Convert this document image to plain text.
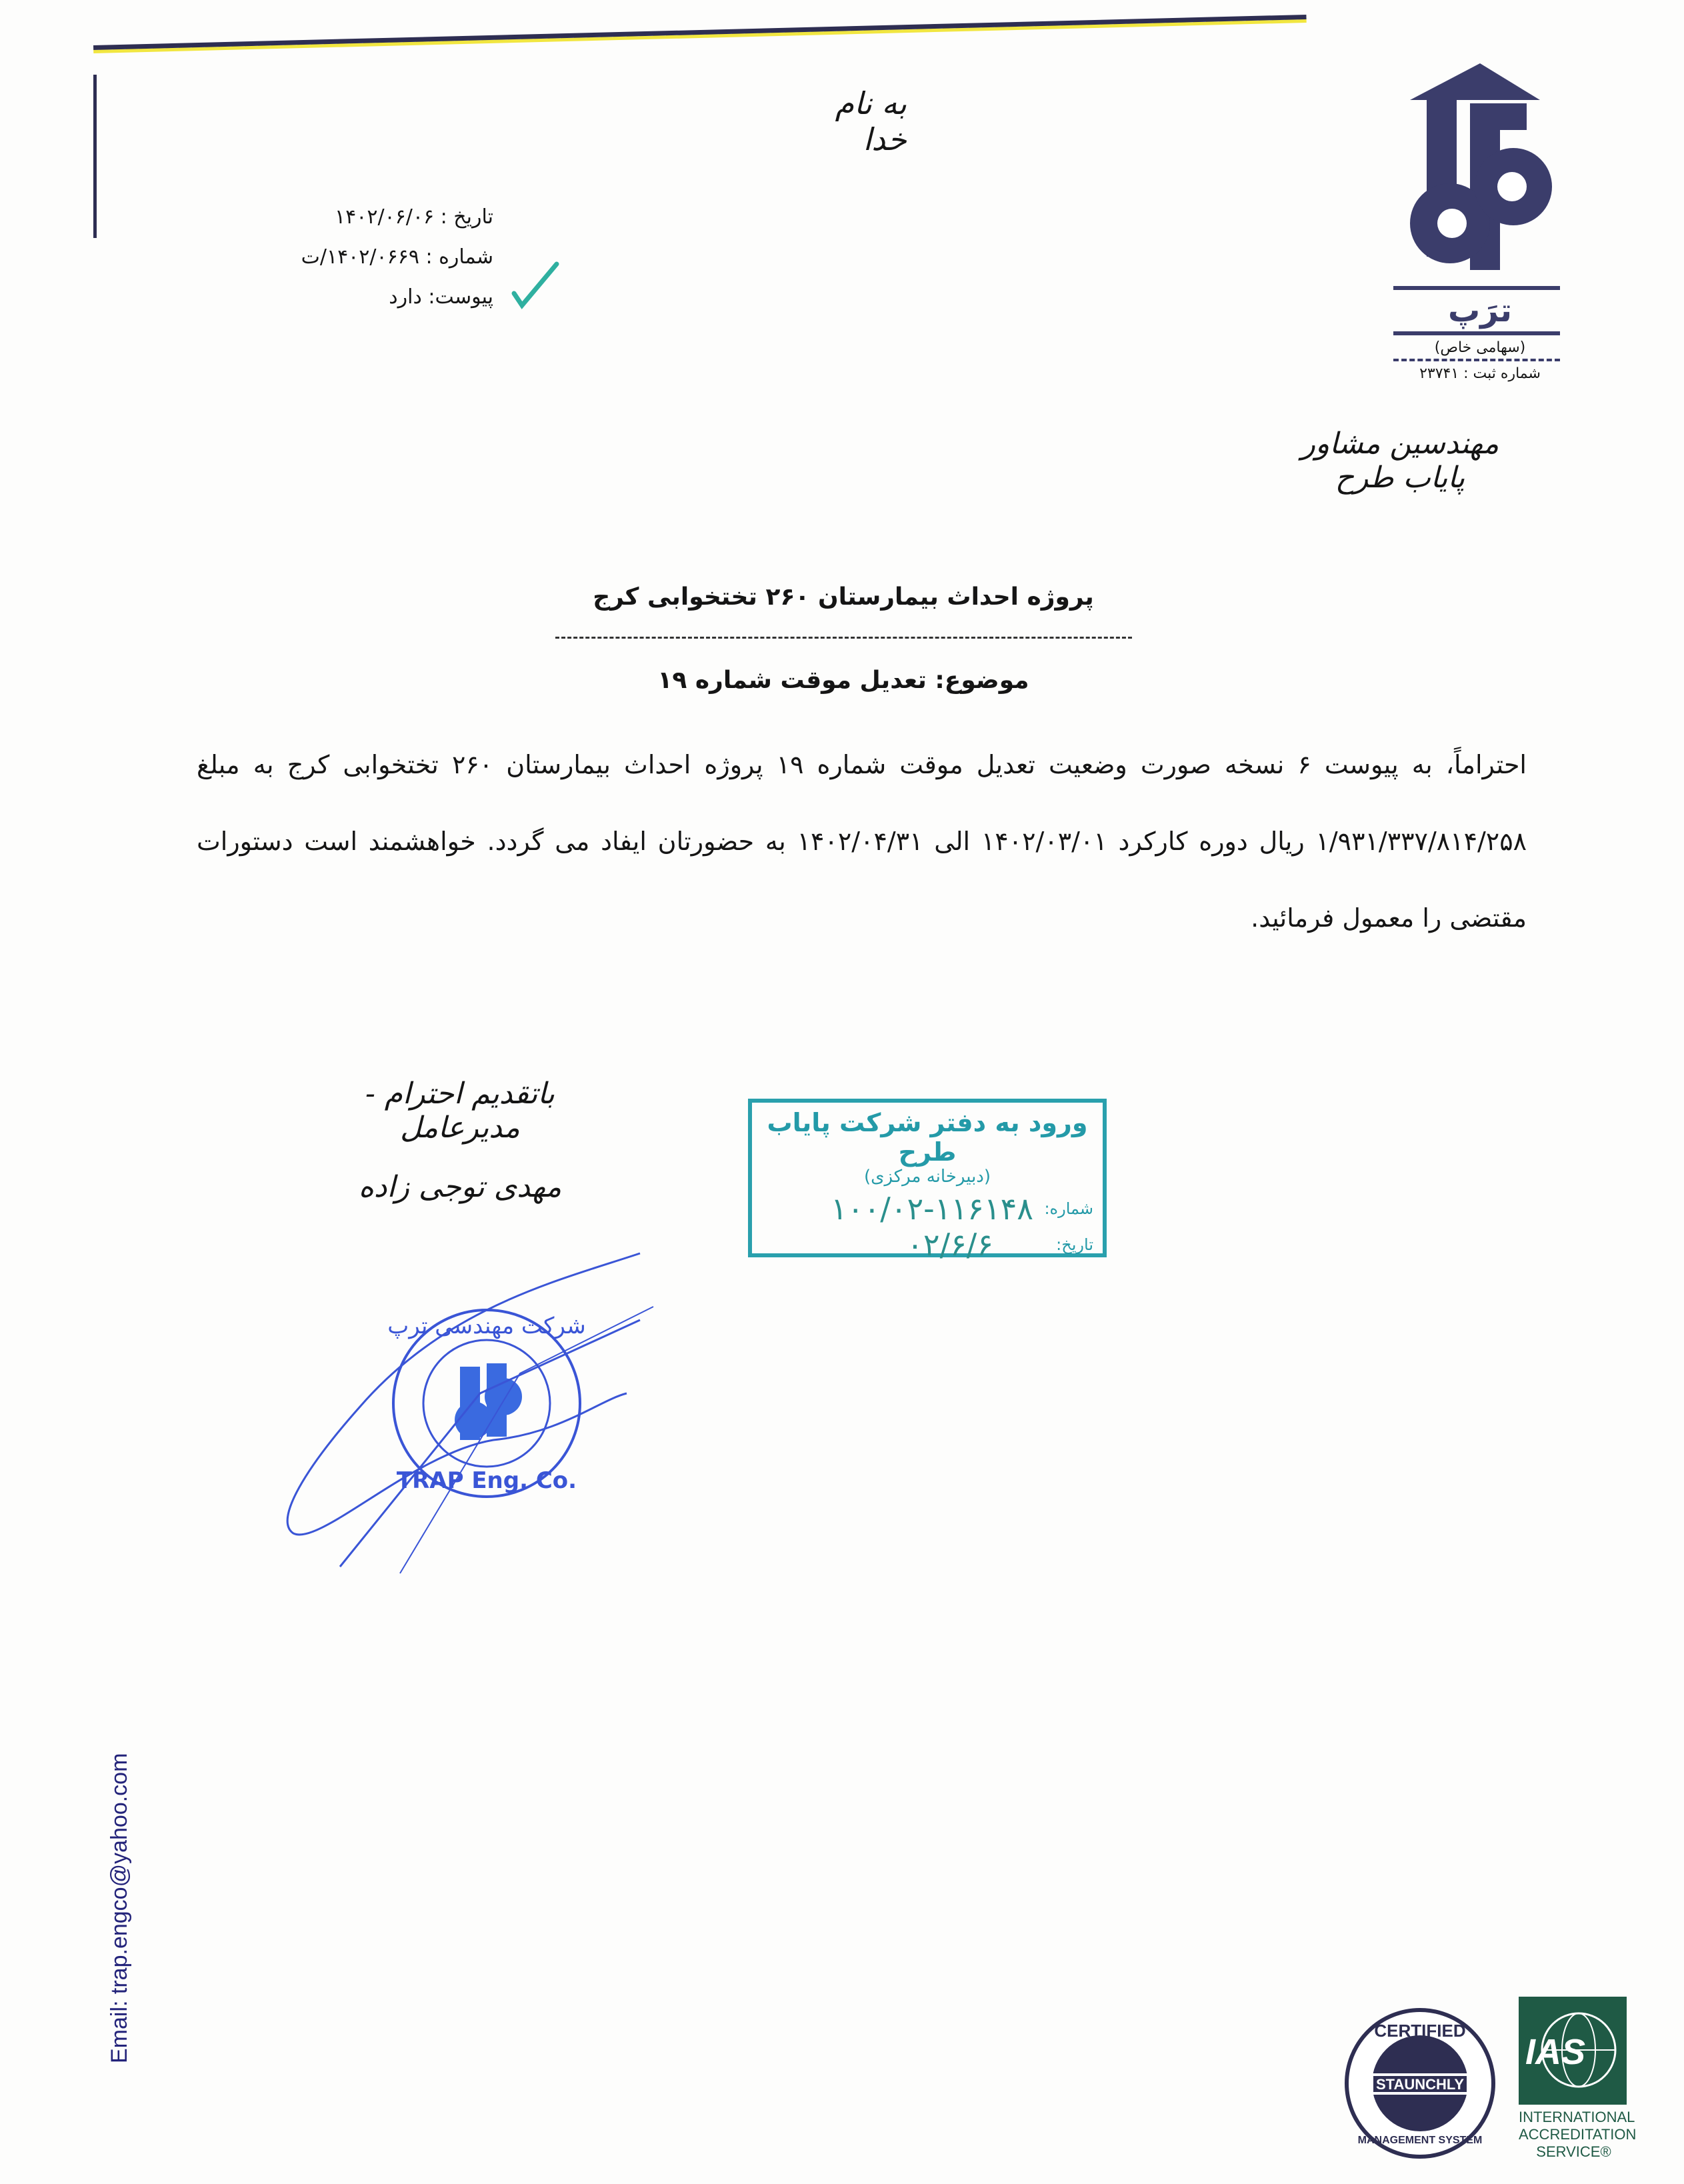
به نام خدا
تاریخ : ۱۴۰۲/۰۶/۰۶
شماره : ۱۴۰۲/۰۶۶۹/ت
پیوست: دارد	ترَپ
(سهامی خاص)
شماره ثبت : ۲۳۷۴۱
مهندسین مشاور پایاب طرح
پروژه احداث بیمارستان ۲۶۰ تختخوابی کرج
موضوع: تعدیل موقت شماره ۱۹
احتراماً، به پیوست ۶ نسخه صورت وضعیت تعدیل موقت شماره ۱۹ پروژه احداث بیمارستان ۲۶۰ تختخوابی کرج به مبلغ ۱/۹۳۱/۳۳۷/۸۱۴/۲۵۸ ریال دوره کارکرد ۱۴۰۲/۰۳/۰۱ الی ۱۴۰۲/۰۴/۳۱ به حضورتان ایفاد می گردد. خواهشمند است دستورات مقتضی را معمول فرمائید.
باتقدیم احترام - مدیرعامل
مهدی توجی زاده
شرکت مهندسی ترپ
TRAP Eng. Co.
ورود به دفتر شرکت پایاب طرح
(دبیرخانه مرکزی)
شماره:
۱۰۰/۰۲-۱۱۶۱۴۸
تاریخ:
۰۲/۶/۶
Email: trap.engco@yahoo.com
STAUNCHLY
CERTIFIED
MANAGEMENT SYSTEM
IAS
INTERNATIONAL
ACCREDITATION
SERVICE®
